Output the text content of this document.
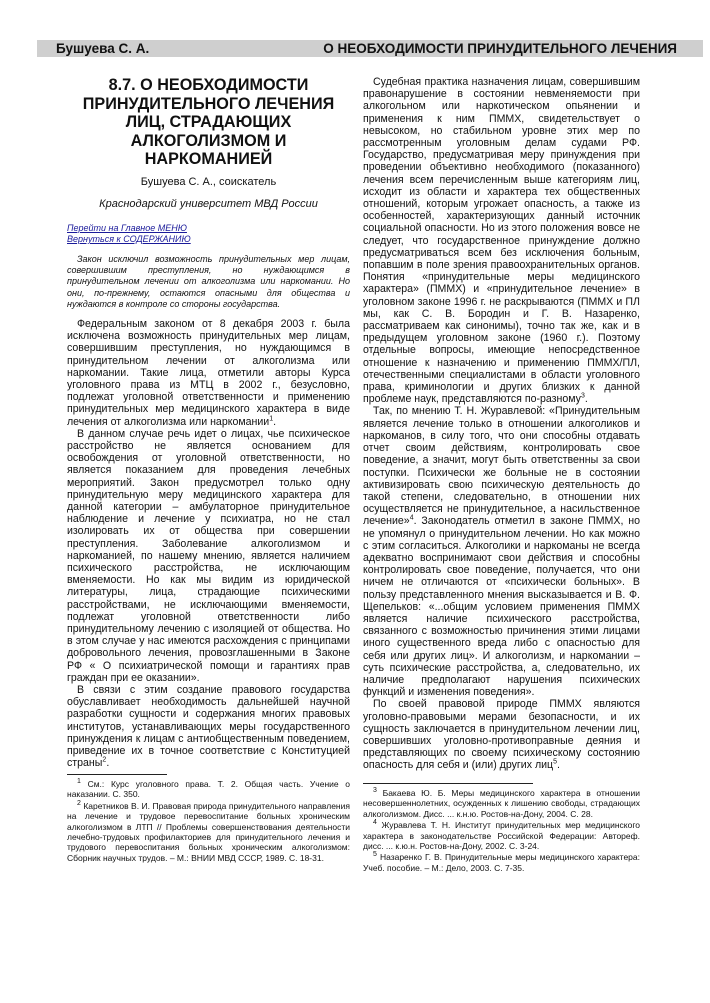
Бушуева С. А.	О НЕОБХОДИМОСТИ ПРИНУДИТЕЛЬНОГО ЛЕЧЕНИЯ
8.7. О НЕОБХОДИМОСТИ
ПРИНУДИТЕЛЬНОГО ЛЕЧЕНИЯ
ЛИЦ, СТРАДАЮЩИХ
АЛКОГОЛИЗМОМ И
НАРКОМАНИЕЙ
Бушуева С. А., соискатель
Краснодарский университет МВД России
Перейти на Главное МЕНЮ
Вернуться к СОДЕРЖАНИЮ

Закон исключил возможность принудительных мер лицам, совершившим преступления, но нуждающимся в принудительном лечении от алкоголизма или наркомании. Но они, по-прежнему, остаются опасными для общества и нуждаются в контроле со стороны государства.

Федеральным законом от 8 декабря 2003 г. была исключена возможность принудительных мер лицам, совершившим преступления, но нуждающимся в принудительном лечении от алкоголизма или наркомании. Такие лица, отметили авторы Курса уголовного права из МТЦ в 2002 г., безусловно, подлежат уголовной ответственности и применению принудительных мер медицинского характера в виде лечения от алкоголизма или наркомании$^1$.

В данном случае речь идет о лицах, чье психическое расстройство не является основанием для освобождения от уголовной ответственности, но является показанием для проведения лечебных мероприятий. Закон предусмотрел только одну принудительную меру медицинского характера для данной категории – амбулаторное принудительное наблюдение и лечение у психиатра, но не стал изолировать их от общества при совершении преступления. Заболевание алкоголизмом и наркоманией, по нашему мнению, является наличием психического расстройства, не исключающим вменяемости. Но как мы видим из юридической литературы, лица, страдающие психическими расстройствами, не исключающими вменяемости, подлежат уголовной ответственности либо принудительному лечению с изоляцией от общества. Но в этом случае у нас имеются расхождения с принципами добровольного лечения, провозглашенными в Законе РФ « О психиатрической помощи и гарантиях прав граждан при ее оказании».

В связи с этим создание правового государства обуславливает необходимость дальнейшей научной разработки сущности и содержания многих правовых институтов, устанавливающих меры государственного принуждения к лицам с антиобщественным поведением, приведение их в точное соответствие с Конституцией страны$^2$.

Судебная практика назначения лицам, совершившим правонарушение в состоянии невменяемости при алкогольном или наркотическом опьянении и применения к ним ПММХ, свидетельствует о невысоком, но стабильном уровне этих мер по рассмотренным уголовным делам судами РФ. Государство, предусматривая меру принуждения при проведении объективно необходимого (показанного) лечения всем перечисленным выше категориям лиц, исходит из области и характера тех общественных отношений, которым угрожает опасность, а также из особенностей, характеризующих данный источник социальной опасности. Но из этого положения вовсе не следует, что государственное принуждение должно предусматриваться всем без исключения больным, попавшим в поле зрения правоохранительных органов. Понятия «принудительные меры медицинского характера» (ПММХ) и «принудительное лечение» в уголовном законе 1996 г. не раскрываются (ПММХ и ПЛ мы, как С. В. Бородин и Г. В. Назаренко, рассматриваем как синонимы), точно так же, как и в предыдущем уголовном законе (1960 г.). Поэтому отдельные вопросы, имеющие непосредственное отношение к назначению и применению ПММХ/ПЛ, отечественными специалистами в области уголовного права, криминологии и других близких к данной проблеме наук, представляются по-разному$^3$.

Так, по мнению Т. Н. Журавлевой: «Принудительным является лечение только в отношении алкоголиков и наркоманов, в силу того, что они способны отдавать отчет своим действиям, контролировать свое поведение, а значит, могут быть ответственны за свои поступки. Психически же больные не в состоянии активизировать свою психическую деятельность до такой степени, следовательно, в отношении них осуществляется не принудительное, а насильственное лечение»$^4$. Законодатель отметил в законе ПММХ, но не упомянул о принудительном лечении. Но как можно с этим согласиться. Алкоголики и наркоманы не всегда адекватно воспринимают свои действия и способны контролировать свое поведение, получается, что они ничем не отличаются от «психически больных». В пользу представленного мнения высказывается и В. Ф. Щепельков: «...общим условием применения ПММХ является наличие психического расстройства, связанного с возможностью причинения этими лицами иного существенного вреда либо с опасностью для себя или других лиц». И алкоголизм, и наркомании – суть психические расстройства, а, следовательно, их наличие предполагают нарушения психических функций и изменения поведения».

По своей правовой природе ПММХ являются уголовно-правовыми мерами безопасности, и их сущность заключается в принудительном лечении лиц, совершивших уголовно-противоправные деяния и представляющих по своему психическому состоянию опасность для себя и (или) других лиц$^5$.

$^1$ См.: Курс уголовного права. Т. 2. Общая часть. Учение о наказании. С. 350.

$^2$ Каретников В. И. Правовая природа принудительного направления на лечение и трудовое перевоспитание больных хроническим алкоголизмом в ЛТП // Проблемы совершенствования деятельности лечебно-трудовых профилакториев для принудительного лечения и трудового перевоспитания больных хроническим алкоголизмом: Сборник научных трудов. – М.: ВНИИ МВД СССР, 1989. С. 18-31.

$^3$ Бакаева Ю. Б. Меры медицинского характера в отношении несовершеннолетних, осужденных к лишению свободы, страдающих алкоголизмом. Дисс. ... к.н.ю. Ростов-на-Дону, 2004. С. 28.

$^4$ Журавлева Т. Н. Институт принудительных мер медицинского характера в законодательстве Российской Федерации: Автореф. дисс. ... к.ю.н. Ростов-на-Дону, 2002. С. 3-24.

$^5$ Назаренко Г. В. Принудительные меры медицинского характера: Учеб. пособие. – М.: Дело, 2003. С. 7-35.
